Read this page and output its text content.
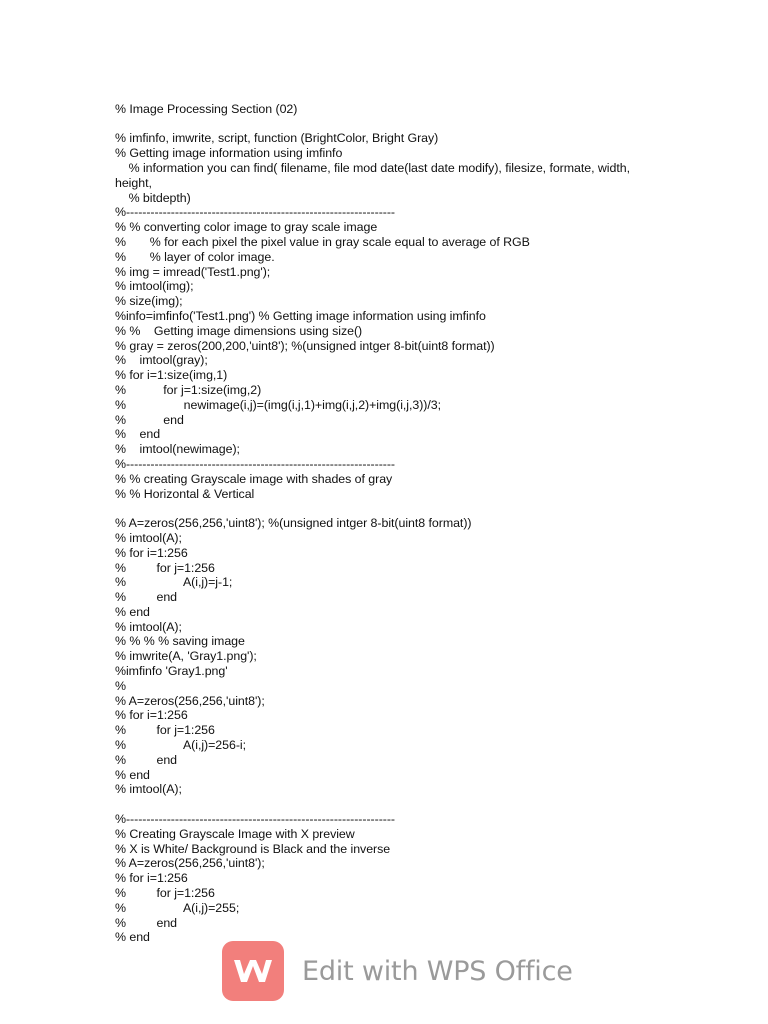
% Image Processing Section (02)
% imfinfo, imwrite, script, function (BrightColor, Bright Gray)
% Getting image information using imfinfo
% information you can find( filename, file mod date(last date modify), filesize, formate, width, height,
% bitdepth)
%------------------------------------------------------------------
% % converting color image to gray scale image
%       % for each pixel the pixel value in gray scale equal to average of RGB
%       % layer of color image.
% img = imread('Test1.png');
% imtool(img);
% size(img);
%info=imfinfo('Test1.png') % Getting image information using imfinfo
% %    Getting image dimensions using size()
% gray = zeros(200,200,'uint8'); %(unsigned intger 8-bit(uint8 format))
%    imtool(gray);
% for i=1:size(img,1)
%           for j=1:size(img,2)
%                 newimage(i,j)=(img(i,j,1)+img(i,j,2)+img(i,j,3))/3;
%           end
%    end
%    imtool(newimage);
%------------------------------------------------------------------
% % creating Grayscale image with shades of gray
% % Horizontal & Vertical
% A=zeros(256,256,'uint8'); %(unsigned intger 8-bit(uint8 format))
% imtool(A);
% for i=1:256
%         for j=1:256
%                 A(i,j)=j-1;
%         end
% end
% imtool(A);
% % % % saving image
% imwrite(A, 'Gray1.png');
%imfinfo 'Gray1.png'
%
% A=zeros(256,256,'uint8');
% for i=1:256
%         for j=1:256
%                 A(i,j)=256-i;
%         end
% end
% imtool(A);
%------------------------------------------------------------------
% Creating Grayscale Image with X preview
% X is White/ Background is Black and the inverse
% A=zeros(256,256,'uint8');
% for i=1:256
%         for j=1:256
%                 A(i,j)=255;
%         end
% end
Edit with WPS Office
